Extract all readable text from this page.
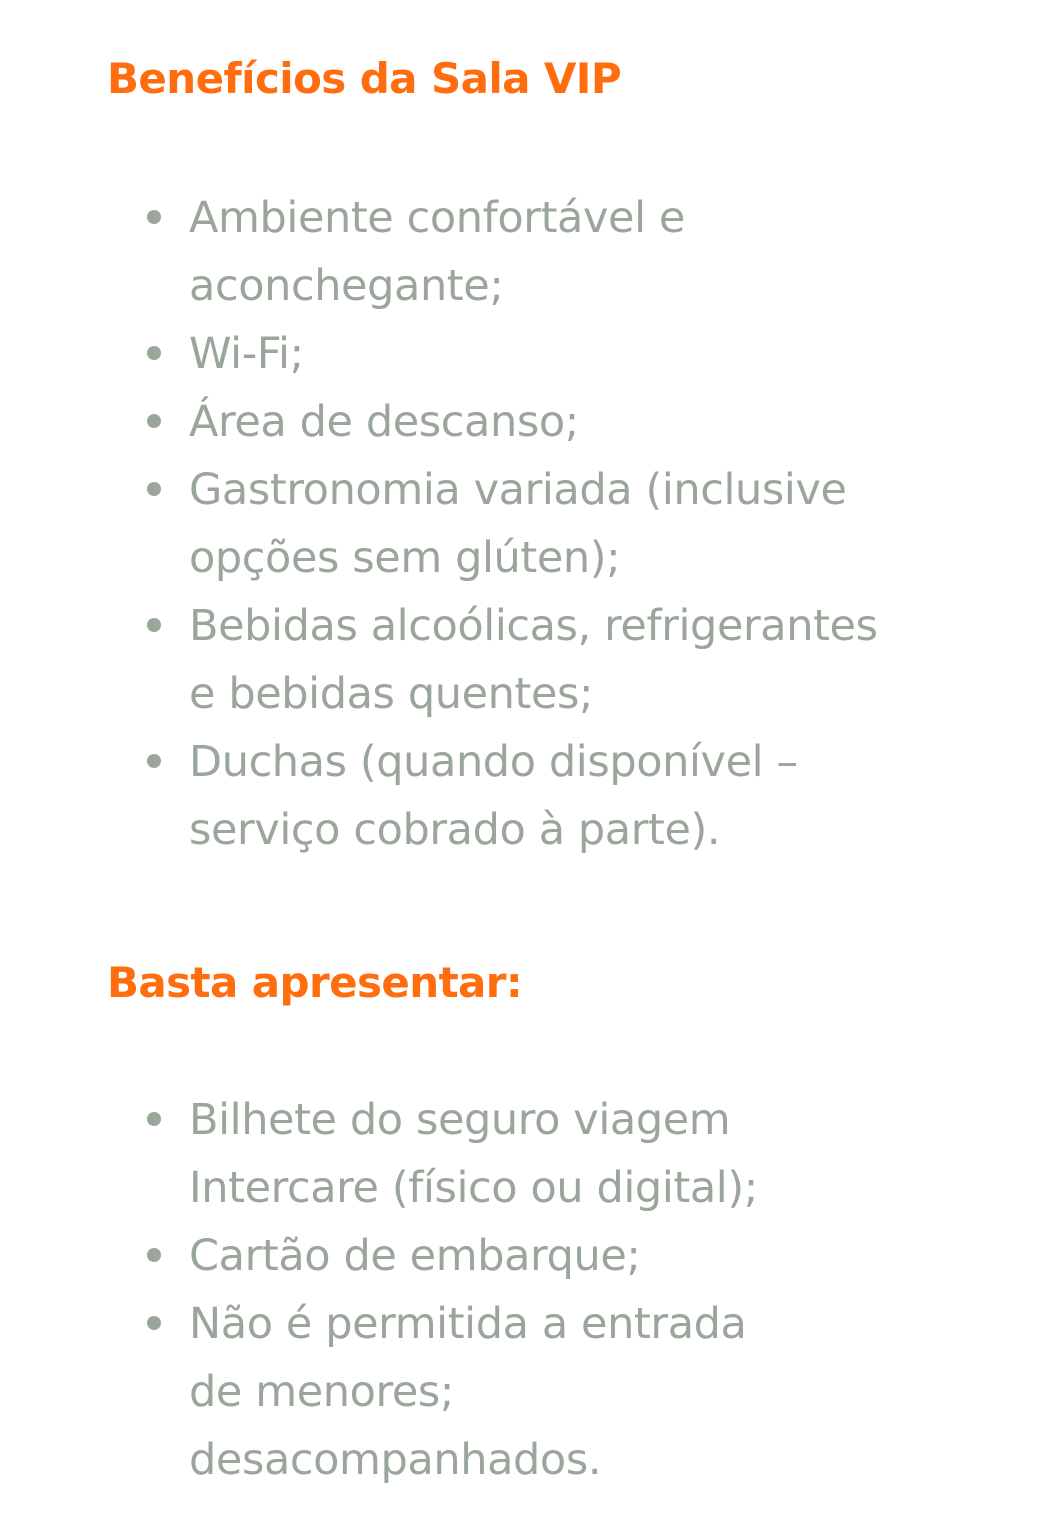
Benefícios da Sala VIP
Ambiente confortável e
aconchegante;
Wi-Fi;
Área de descanso;
Gastronomia variada (inclusive
opções sem glúten);
Bebidas alcoólicas, refrigerantes
e bebidas quentes;
Duchas (quando disponível –
serviço cobrado à parte).
Basta apresentar:
Bilhete do seguro viagem
Intercare (físico ou digital);
Cartão de embarque;
Não é permitida a entrada
de menores;
desacompanhados.
